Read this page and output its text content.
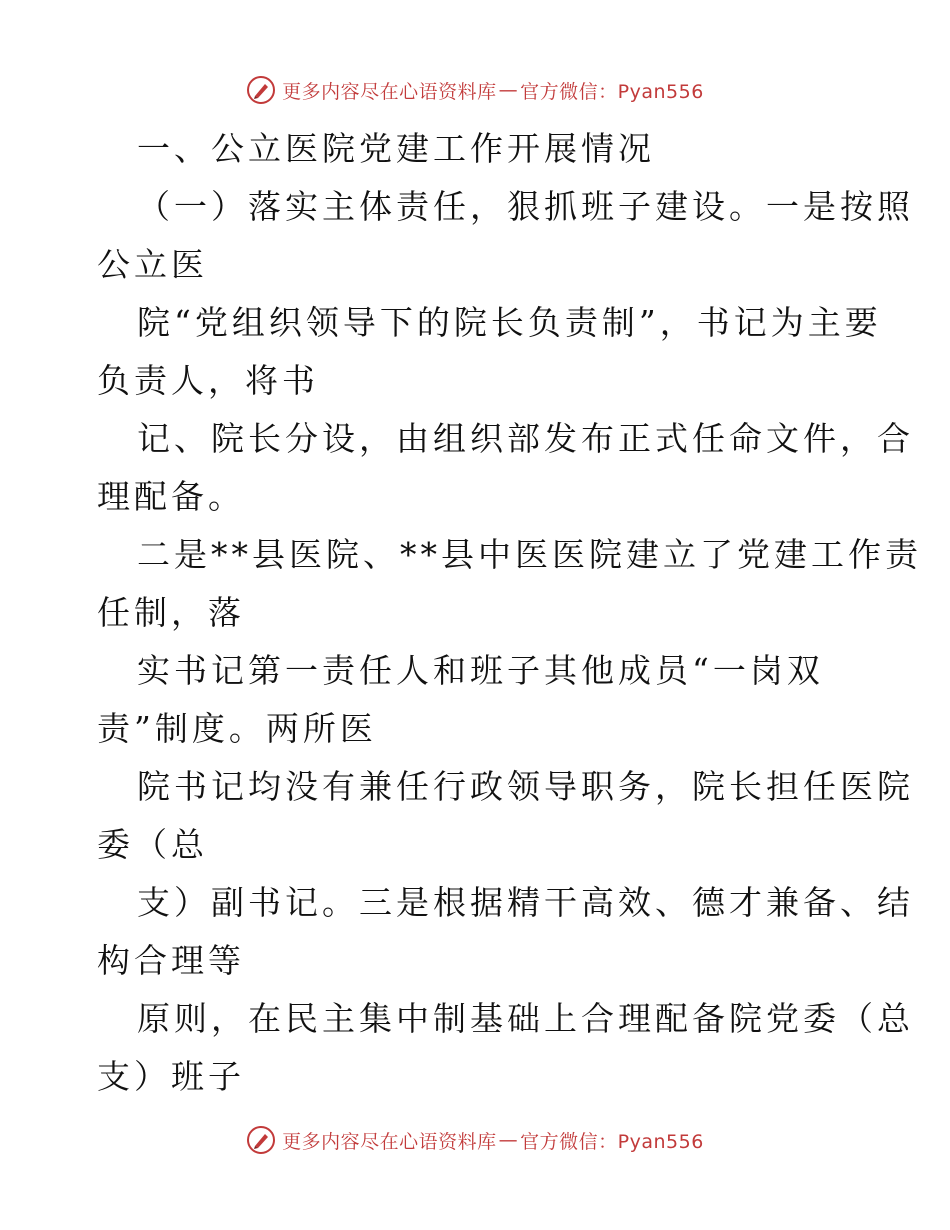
更多内容尽在心语资料库 — 官方微信：Pyan556
一、公立医院党建工作开展情况
（一）落实主体责任，狠抓班子建设。一是按照
公立医
院“党组织领导下的院长负责制”，书记为主要
负责人，将书
记、院长分设，由组织部发布正式任命文件，合
理配备。
二是**县医院、**县中医医院建立了党建工作责
任制，落
实书记第一责任人和班子其他成员“一岗双
责”制度。两所医
院书记均没有兼任行政领导职务，院长担任医院
委（总
支）副书记。三是根据精干高效、德才兼备、结
构合理等
原则，在民主集中制基础上合理配备院党委（总
支）班子
更多内容尽在心语资料库 — 官方微信：Pyan556
